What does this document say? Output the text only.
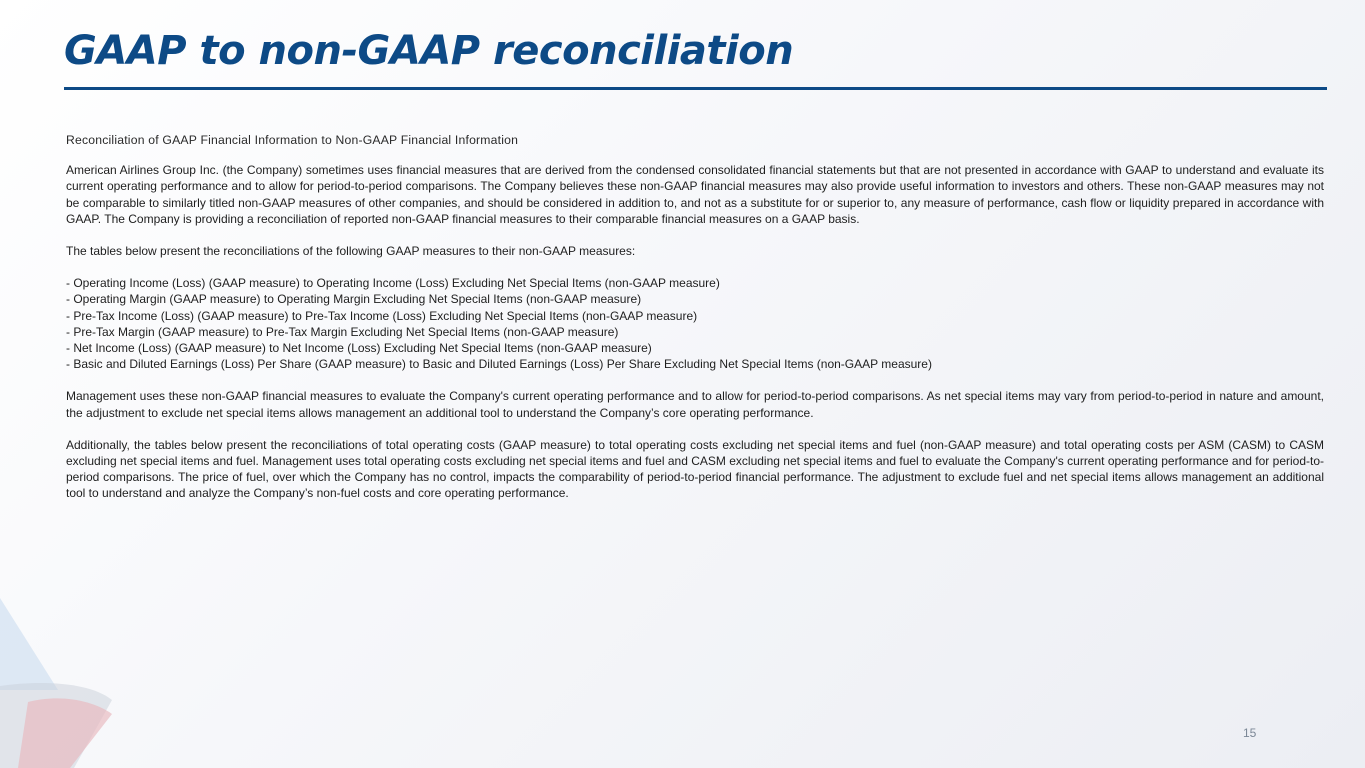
GAAP to non-GAAP reconciliation

Reconciliation of GAAP Financial Information to Non-GAAP Financial Information

American Airlines Group Inc. (the Company) sometimes uses financial measures that are derived from the condensed consolidated financial statements but that are not presented in accordance with GAAP to understand and evaluate its current operating performance and to allow for period-to-period comparisons. The Company believes these non-GAAP financial measures may also provide useful information to investors and others. These non-GAAP measures may not be comparable to similarly titled non-GAAP measures of other companies, and should be considered in addition to, and not as a substitute for or superior to, any measure of performance, cash flow or liquidity prepared in accordance with GAAP. The Company is providing a reconciliation of reported non-GAAP financial measures to their comparable financial measures on a GAAP basis.

The tables below present the reconciliations of the following GAAP measures to their non-GAAP measures:

- Operating Income (Loss) (GAAP measure) to Operating Income (Loss) Excluding Net Special Items (non-GAAP measure)
- Operating Margin (GAAP measure) to Operating Margin Excluding Net Special Items (non-GAAP measure)
- Pre-Tax Income (Loss) (GAAP measure) to Pre-Tax Income (Loss) Excluding Net Special Items (non-GAAP measure)
- Pre-Tax Margin (GAAP measure) to Pre-Tax Margin Excluding Net Special Items (non-GAAP measure)
- Net Income (Loss) (GAAP measure) to Net Income (Loss) Excluding Net Special Items (non-GAAP measure)
- Basic and Diluted Earnings (Loss) Per Share (GAAP measure) to Basic and Diluted Earnings (Loss) Per Share Excluding Net Special Items (non-GAAP measure)

Management uses these non-GAAP financial measures to evaluate the Company's current operating performance and to allow for period-to-period comparisons. As net special items may vary from period-to-period in nature and amount, the adjustment to exclude net special items allows management an additional tool to understand the Company’s core operating performance.

Additionally, the tables below present the reconciliations of total operating costs (GAAP measure) to total operating costs excluding net special items and fuel (non-GAAP measure) and total operating costs per ASM (CASM) to CASM excluding net special items and fuel. Management uses total operating costs excluding net special items and fuel and CASM excluding net special items and fuel to evaluate the Company's current operating performance and for period-to-period comparisons. The price of fuel, over which the Company has no control, impacts the comparability of period-to-period financial performance. The adjustment to exclude fuel and net special items allows management an additional tool to understand and analyze the Company’s non-fuel costs and core operating performance.

15
